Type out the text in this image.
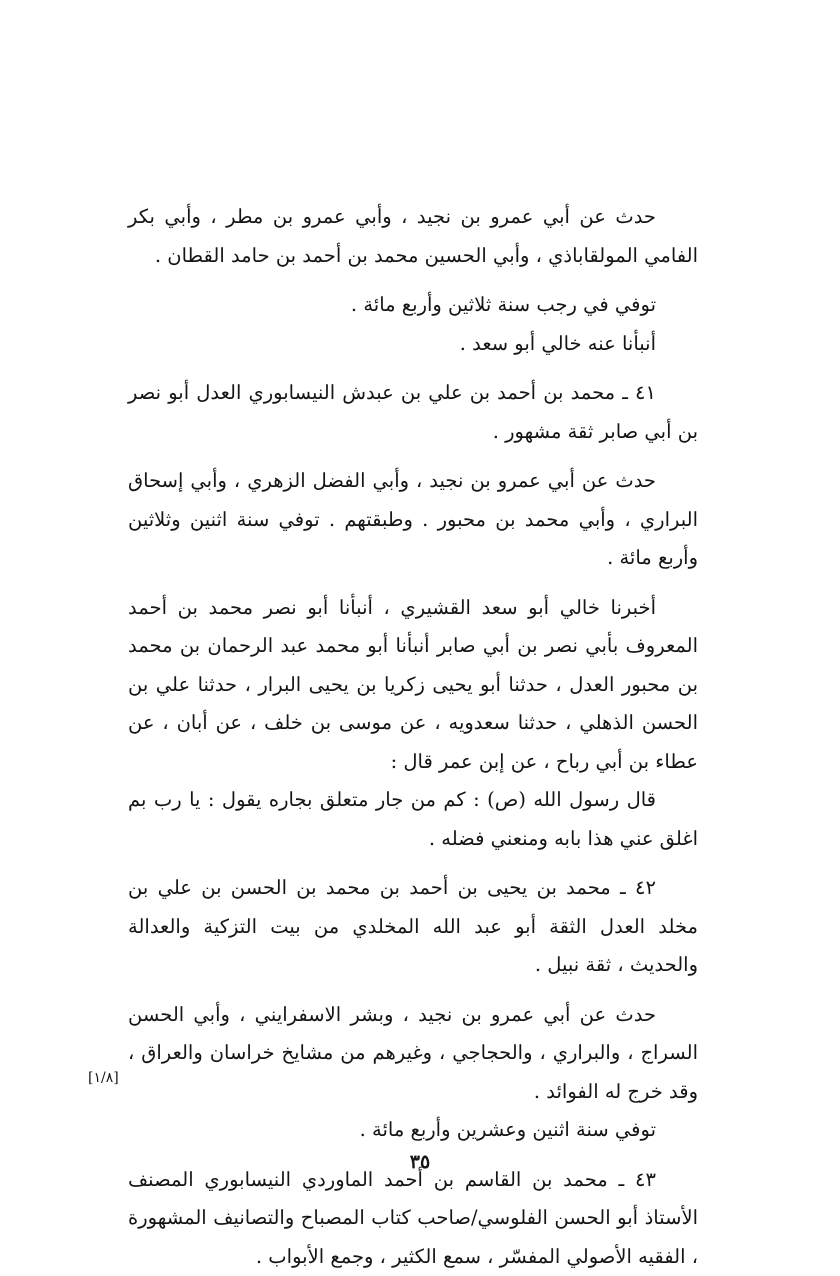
حدث عن أبي عمرو بن نجيد ، وأبي عمرو بن مطر ، وأبي بكر الفامي المولقاباذي ، وأبي الحسين محمد بن أحمد بن حامد القطان .

توفي في رجب سنة ثلاثين وأربع مائة .

أنبأنا عنه خالي أبو سعد .

٤١ ـ محمد بن أحمد بن علي بن عبدش النيسابوري العدل أبو نصر بن أبي صابر ثقة مشهور .

حدث عن أبي عمرو بن نجيد ، وأبي الفضل الزهري ، وأبي إسحاق البراري ، وأبي محمد بن محبور . وطبقتهم . توفي سنة اثنين وثلاثين وأربع مائة .

أخبرنا خالي أبو سعد القشيري ، أنبأنا أبو نصر محمد بن أحمد المعروف بأبي نصر بن أبي صابر أنبأنا أبو محمد عبد الرحمان بن محمد بن محبور العدل ، حدثنا أبو يحيى زكريا بن يحيى البرار ، حدثنا علي بن الحسن الذهلي ، حدثنا سعدويه ، عن موسى بن خلف ، عن أبان ، عن عطاء بن أبي رباح ، عن إبن عمر قال :

قال رسول الله (ص) : كم من جار متعلق بجاره يقول : يا رب بم اغلق عني هذا بابه ومنعني فضله .

٤٢ ـ محمد بن يحيى بن أحمد بن محمد بن الحسن بن علي بن مخلد العدل الثقة أبو عبد الله المخلدي من بيت التزكية والعدالة والحديث ، ثقة نبيل .

حدث عن أبي عمرو بن نجيد ، وبشر الاسفرايني ، وأبي الحسن السراج ، والبراري ، والحجاجي ، وغيرهم من مشايخ خراسان والعراق ، وقد خرج له الفوائد .

توفي سنة اثنين وعشرين وأربع مائة .

٤٣ ـ محمد بن القاسم بن أحمد الماوردي النيسابوري المصنف الأستاذ أبو الحسن الفلوسي/صاحب كتاب المصباح والتصانيف المشهورة ، الفقيه الأصولي المفسّر ، سمع الكثير ، وجمع الأبواب .

[١/٨]
٣٥
